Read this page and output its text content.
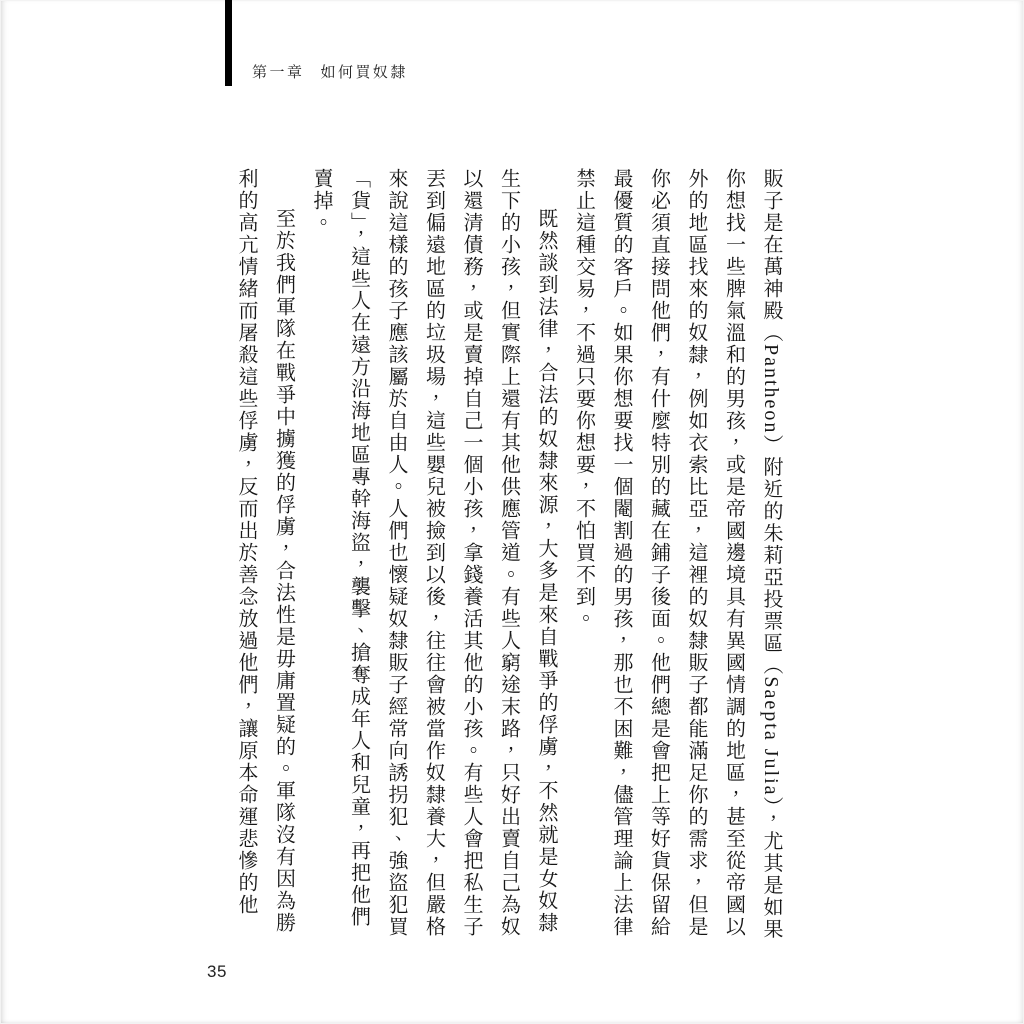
第一章 如何買奴隸

販子是在萬神殿（Pantheon）附近的朱莉亞投票區（Saepta Julia），尤其是如果你想找一些脾氣溫和的男孩，或是帝國邊境具有異國情調的地區，甚至從帝國以外的地區找來的奴隸，例如衣索比亞，這裡的奴隸販子都能滿足你的需求，但是你必須直接問他們，有什麼特別的藏在鋪子後面。他們總是會把上等好貨保留給最優質的客戶。如果你想要找一個閹割過的男孩，那也不困難，儘管理論上法律禁止這種交易，不過只要你想要，不怕買不到。

既然談到法律，合法的奴隸來源，大多是來自戰爭的俘虜，不然就是女奴隸生下的小孩，但實際上還有其他供應管道。有些人窮途末路，只好出賣自己為奴以還清債務，或是賣掉自己一個小孩，拿錢養活其他的小孩。有些人會把私生子丟到偏遠地區的垃圾場，這些嬰兒被撿到以後，往往會被當作奴隸養大，但嚴格來說這樣的孩子應該屬於自由人。人們也懷疑奴隸販子經常向誘拐犯、強盜犯買「貨」，這些人在遠方沿海地區專幹海盜，襲擊、搶奪成年人和兒童，再把他們賣掉。

至於我們軍隊在戰爭中擄獲的俘虜，合法性是毋庸置疑的。軍隊沒有因為勝利的高亢情緒而屠殺這些俘虜，反而出於善念放過他們，讓原本命運悲慘的他

35
